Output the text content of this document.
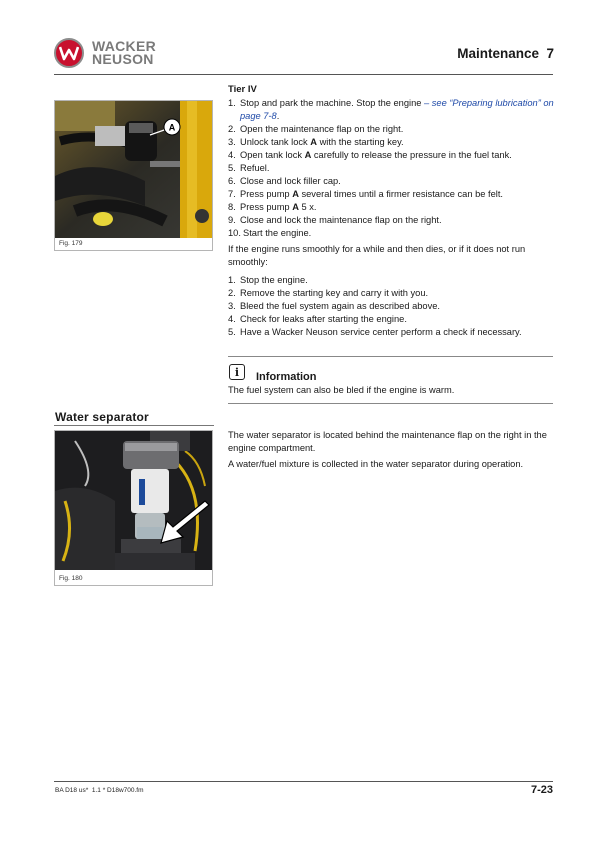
WACKER
NEUSON	Maintenance  7
A
Fig. 179
Tier IV
1. Stop and park the machine. Stop the engine – see “Preparing lubrication” on page 7-8.
2. Open the maintenance flap on the right.
3. Unlock tank lock A with the starting key.
4. Open tank lock A carefully to release the pressure in the fuel tank.
5. Refuel.
6. Close and lock filler cap.
7. Press pump A several times until a firmer resistance can be felt.
8. Press pump A 5 x.
9. Close and lock the maintenance flap on the right.
10. Start the engine.
If the engine runs smoothly for a while and then dies, or if it does not run smoothly:
1. Stop the engine.
2. Remove the starting key and carry it with you.
3. Bleed the fuel system again as described above.
4. Check for leaks after starting the engine.
5. Have a Wacker Neuson service center perform a check if necessary.
i	Information
The fuel system can also be bled if the engine is warm.
Water separator
Fig. 180
The water separator is located behind the maintenance flap on the right in the engine compartment.
A water/fuel mixture is collected in the water separator during operation.
BA D18 us*  1.1 * D18w700.fm	7-23
